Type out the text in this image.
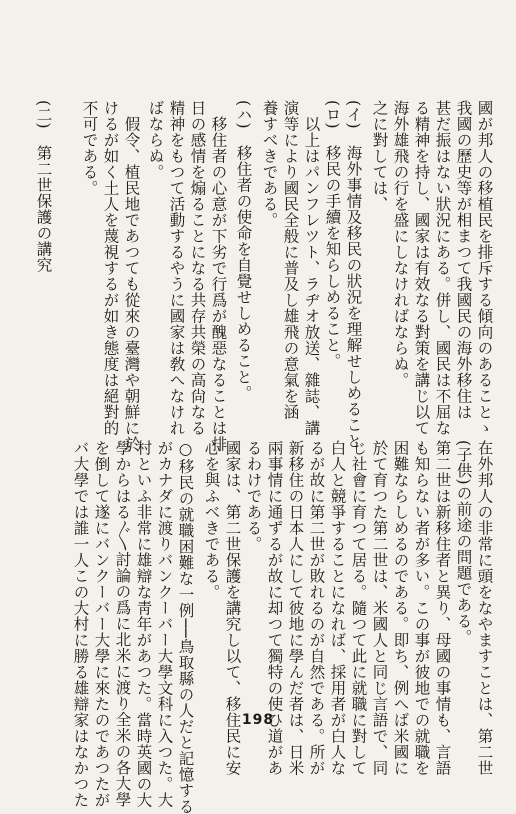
國が邦人の移植民を排斥する傾向のあることゝ
我國の歷史等が相まつて我國民の海外移住は
甚だ振はない狀況にある。併し、國民は不屈な
る精神を持し、國家は有效なる對策を講じ以て
海外雄飛の行を盛にしなければならぬ。
之に對しては、
(イ)　海外事情及移民の狀況を理解せしめること
(ロ)　移民の手續を知らしめること。
　以上はパンフレツト、ラヂオ放送、雜誌、講
演等により國民全般に普及し雄飛の意氣を涵
養すべきである。
(ハ)　移住者の使命を自覺せしめること。
　移住者の心意が下劣で行爲が醜惡なることは排
日の感情を煽ることになる共存共榮の高尙なる
精神をもつて活動するやうに國家は敎へなけれ
ばならぬ。
　假令、植民地であつても從來の臺灣や朝鮮に於
けるが如く土人を蔑視するが如き態度は絕對的
不可である。
(二)　第二世保護の講究
在外邦人の非常に頭をなやますことは、第二世
(子供)の前途の問題である。
第二世は新移住者と異り、母國の事情も、言語
も知らない者が多い。この事が彼地での就職を
困難ならしめるのである。即ち、例へば米國に
於て育つた第二世は、米國人と同じ言語で、同
じ社會に育つて居る。隨つて此に就職に對して
白人と競爭することになれば、採用者が白人な
るが故に第二世が敗れるのが自然である。所が
新移住の日本人にして彼地に學んだ者は、日米
兩事情に通ずるが故に却つて獨特の使ひ道があ
るわけである。
國家は、第二世保護を講究し以て、移住民に安
心を與ふべきである。
○移民の就職困難な一例──鳥取縣の人だと記憶する
がカナダに渡りバンクーバー大學文科に入つた。大
村といふ非常に雄辯な靑年があつた。當時英國の大
學からはる〴〵討論の爲に北米に渡り全米の各大學
を倒して遂にバンクーバー大學に來たのであつたが
バ大學では誰一人この大村に勝る雄辯家はなかつた	198
